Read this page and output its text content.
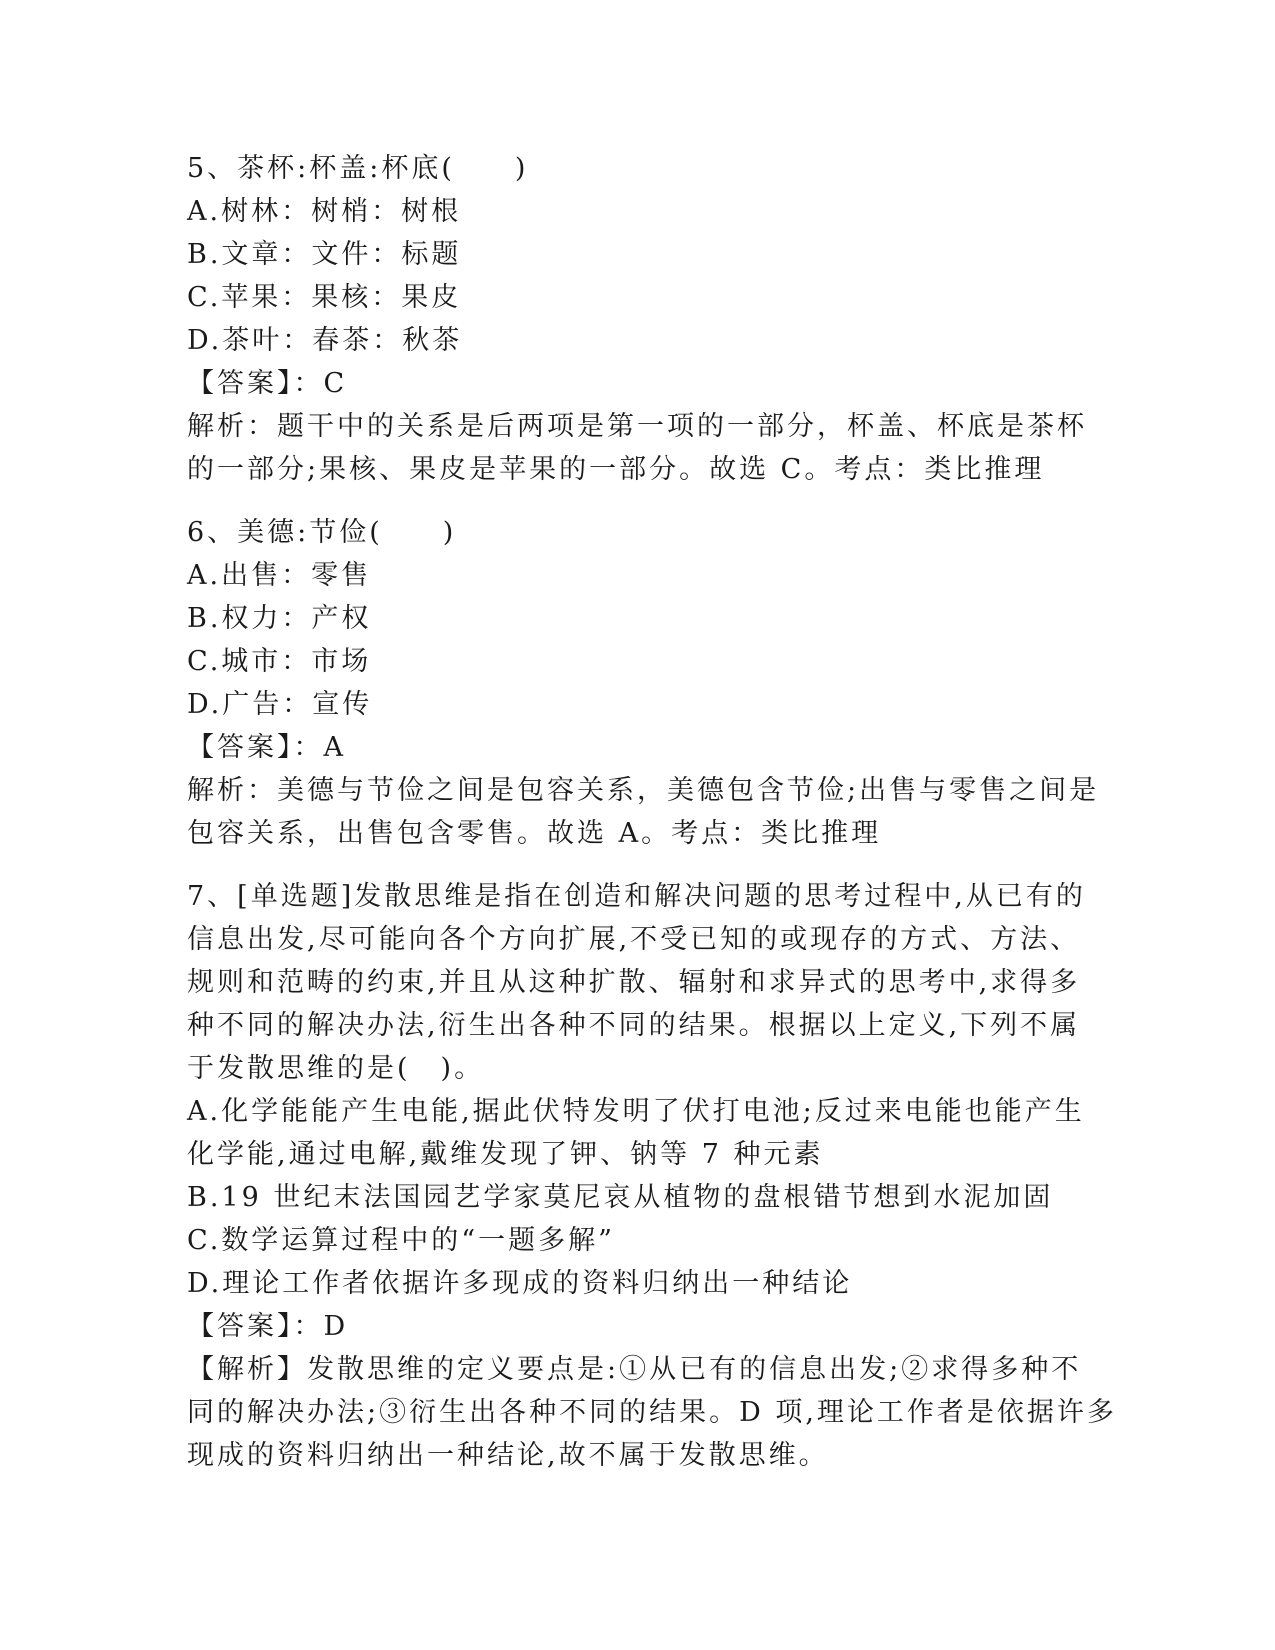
5、茶杯:杯盖:杯底(　　)
A.树林：树梢：树根
B.文章：文件：标题
C.苹果：果核：果皮
D.茶叶：春茶：秋茶
【答案】：C
解析：题干中的关系是后两项是第一项的一部分，杯盖、杯底是茶杯
的一部分;果核、果皮是苹果的一部分。故选 C。考点：类比推理
6、美德:节俭(　　)
A.出售：零售
B.权力：产权
C.城市：市场
D.广告：宣传
【答案】：A
解析：美德与节俭之间是包容关系，美德包含节俭;出售与零售之间是
包容关系，出售包含零售。故选 A。考点：类比推理
7、[单选题]发散思维是指在创造和解决问题的思考过程中,从已有的
信息出发,尽可能向各个方向扩展,不受已知的或现存的方式、方法、
规则和范畴的约束,并且从这种扩散、辐射和求异式的思考中,求得多
种不同的解决办法,衍生出各种不同的结果。根据以上定义,下列不属
于发散思维的是(　)。
A.化学能能产生电能,据此伏特发明了伏打电池;反过来电能也能产生
化学能,通过电解,戴维发现了钾、钠等 7 种元素
B.19 世纪末法国园艺学家莫尼哀从植物的盘根错节想到水泥加固
C.数学运算过程中的“一题多解”
D.理论工作者依据许多现成的资料归纳出一种结论
【答案】：D
【解析】发散思维的定义要点是:①从已有的信息出发;②求得多种不
同的解决办法;③衍生出各种不同的结果。D 项,理论工作者是依据许多
现成的资料归纳出一种结论,故不属于发散思维。
